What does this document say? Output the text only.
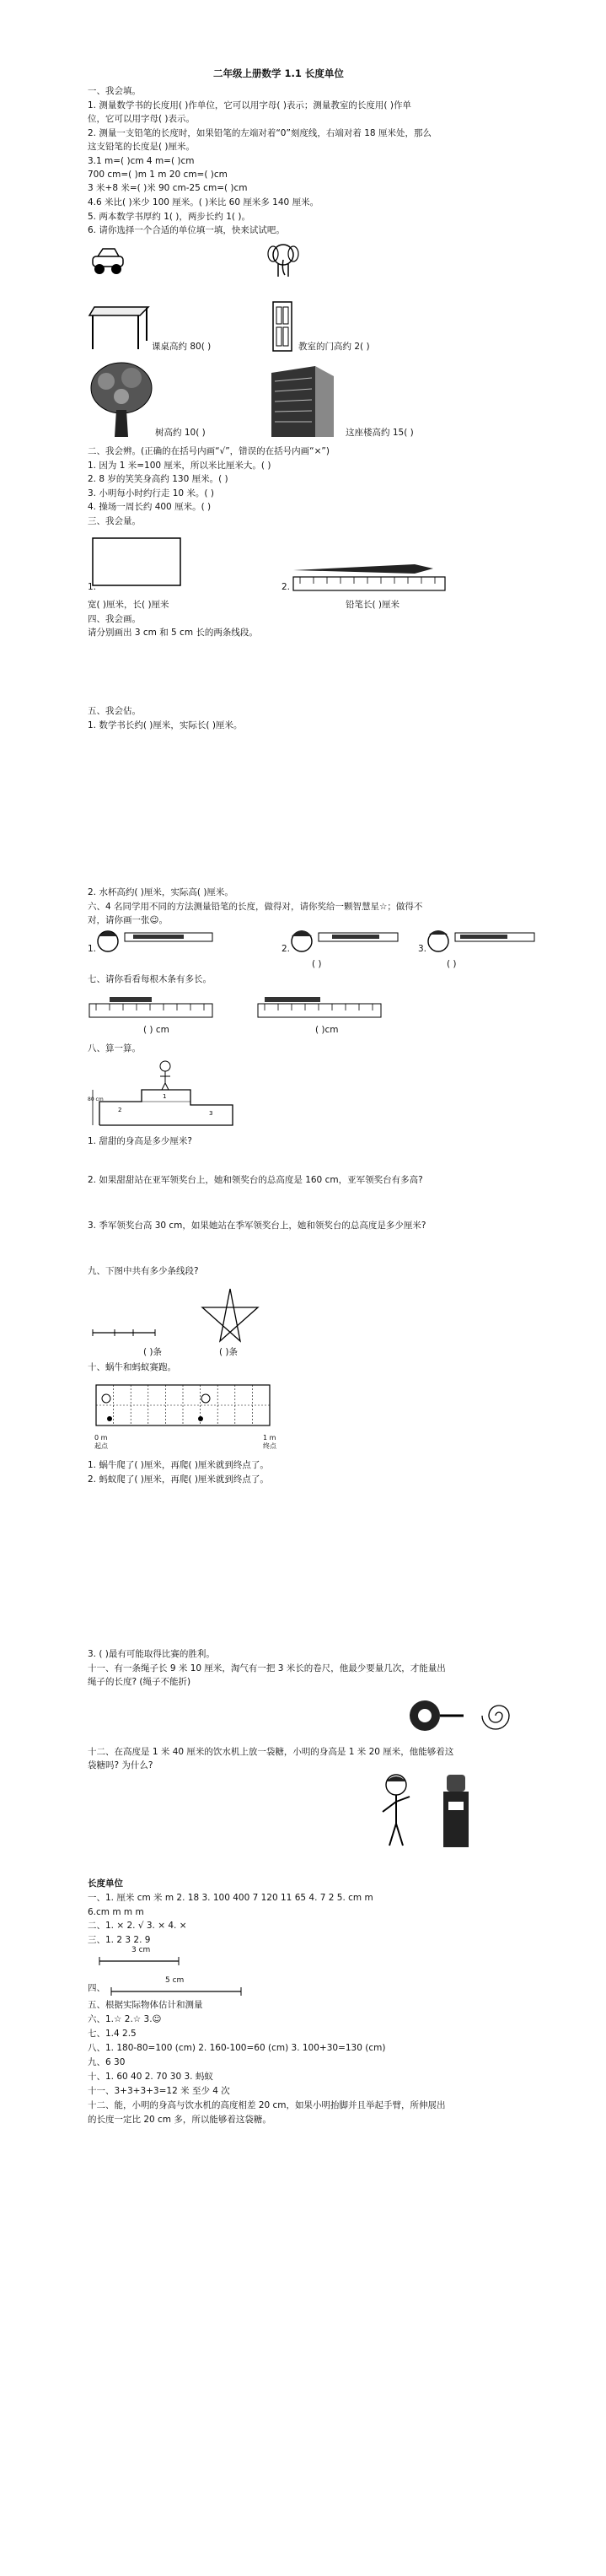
二年级上册数学 1.1 长度单位
一、我会填。
1. 测量数学书的长度用( )作单位，它可以用字母( )表示；测量教室的长度用( )作单
位，它可以用字母( )表示。
2. 测量一支铅笔的长度时，如果铅笔的左端对着“0”刻度线，右端对着 18 厘米处，那么
这支铅笔的长度是( )厘米。
3.1 m=( )cm 4 m=( )cm
700 cm=( )m 1 m 20 cm=( )cm
3 米+8 米=( )米 90 cm-25 cm=( )cm
4.6 米比( )米少 100 厘米。( )米比 60 厘米多 140 厘米。
5. 两本数学书厚约 1( )，两步长约 1( )。
6. 请你选择一个合适的单位填一填，快来试试吧。
课桌高约 80( )	教室的门高约 2( )
树高约 10( )	这座楼高约 15( )
二、我会辨。(正确的在括号内画“√”，错误的在括号内画“×”)
1. 因为 1 米=100 厘米，所以米比厘米大。( )
2. 8 岁的笑笑身高约 130 厘米。( )
3. 小明每小时约行走 10 米。( )
4. 操场一周长约 400 厘米。( )
三、我会量。
1.
宽( )厘米，长( )厘米
2.
铅笔长( )厘米
四、我会画。
请分别画出 3 cm 和 5 cm 长的两条线段。
五、我会估。
1. 数学书长约( )厘米，实际长( )厘米。
2. 水杯高约( )厘米，实际高( )厘米。
六、4 名同学用不同的方法测量铅笔的长度，做得对，请你奖给一颗智慧星☆；做得不
对，请你画一张☺。
1.	2.
( )
3.
( )
七、请你看看每根木条有多长。
( ) cm	( )cm
八、算一算。
1
2	3
80 cm
1. 甜甜的身高是多少厘米?
2. 如果甜甜站在亚军领奖台上，她和领奖台的总高度是 160 cm，亚军领奖台有多高?
3. 季军领奖台高 30 cm，如果她站在季军领奖台上，她和领奖台的总高度是多少厘米?
九、下图中共有多少条线段?
( )条	( )条
十、蜗牛和蚂蚁赛跑。
0 m
起点
1 m
终点
1. 蜗牛爬了( )厘米，再爬( )厘米就到终点了。
2. 蚂蚁爬了( )厘米，再爬( )厘米就到终点了。
3. ( )最有可能取得比赛的胜利。
十一、有一条绳子长 9 米 10 厘米，淘气有一把 3 米长的卷尺，他最少要量几次，才能量出
绳子的长度? (绳子不能折)
十二、在高度是 1 米 40 厘米的饮水机上放一袋糖，小明的身高是 1 米 20 厘米，他能够着这
袋糖吗? 为什么?
长度单位
一、1. 厘米 cm 米 m 2. 18 3. 100 400 7 120 11 65 4. 7 2 5. cm m
6.cm m m m
二、1. × 2. √ 3. × 4. ×
三、1. 2 3 2. 9
3 cm
四、
5 cm
五、根据实际物体估计和测量
六、1.☆ 2.☆ 3.☺
七、1.4 2.5
八、1. 180-80=100 (cm) 2. 160-100=60 (cm) 3. 100+30=130 (cm)
九、6 30
十、1. 60 40 2. 70 30 3. 蚂蚁
十一、3+3+3+3=12 米 至少 4 次
十二、能，小明的身高与饮水机的高度相差 20 cm，如果小明抬脚并且举起手臂，所伸展出
的长度一定比 20 cm 多，所以能够着这袋糖。
